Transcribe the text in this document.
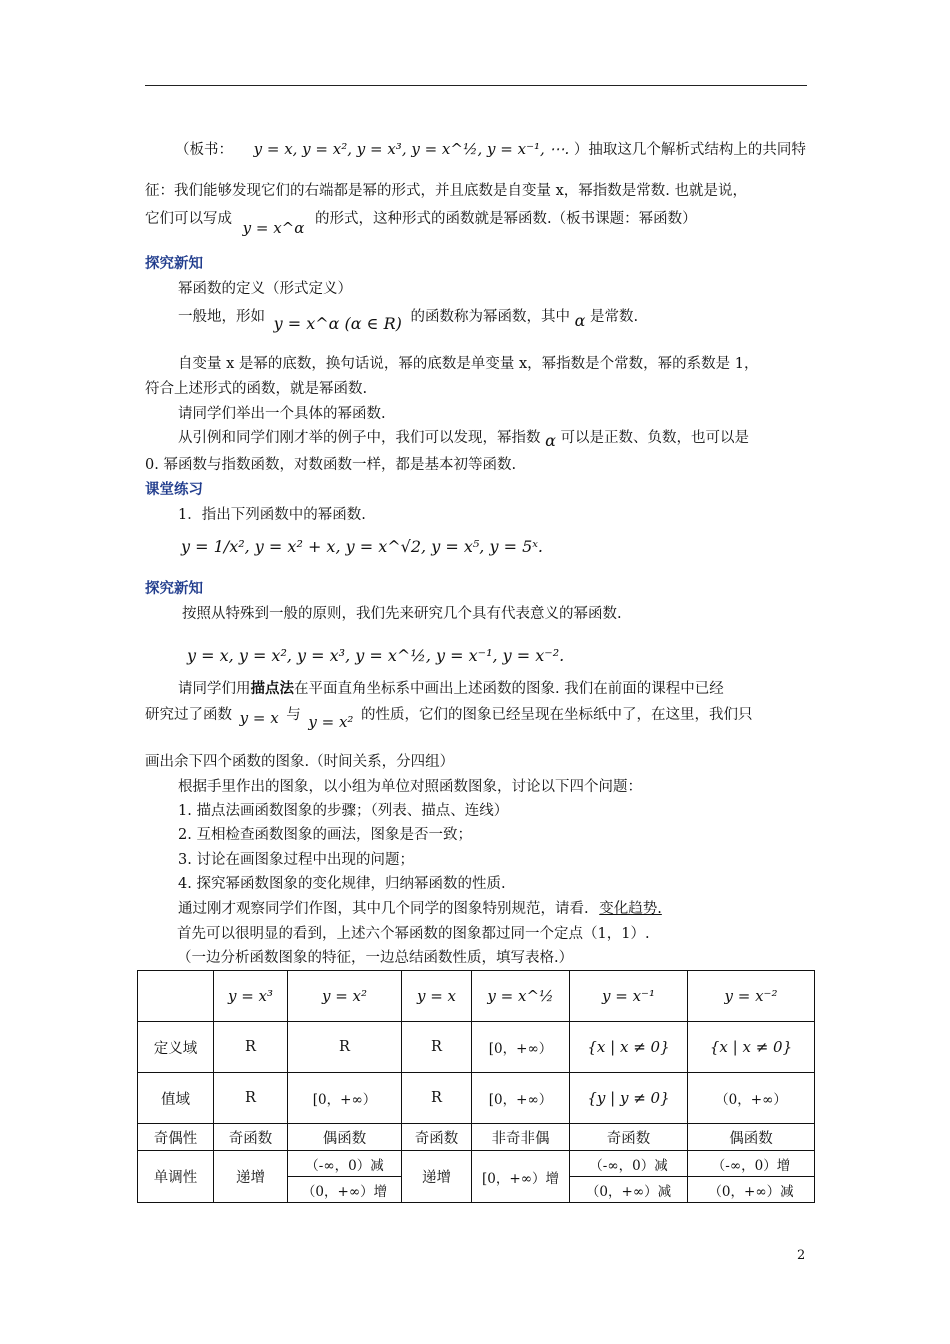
（板书： y = x, y = x², y = x³, y = x^½, y = x⁻¹, ⋯. ）抽取这几个解析式结构上的共同特
征：我们能够发现它们的右端都是幂的形式，并且底数是自变量 x，幂指数是常数. 也就是说，
它们可以写成 y = x^α 的形式，这种形式的函数就是幂函数.（板书课题：幂函数）
探究新知
幂函数的定义（形式定义）
一般地，形如 y = x^α (α ∈ R) 的函数称为幂函数，其中 α 是常数.
自变量 x 是幂的底数，换句话说，幂的底数是单变量 x，幂指数是个常数，幂的系数是 1，
符合上述形式的函数，就是幂函数.
请同学们举出一个具体的幂函数.
从引例和同学们刚才举的例子中，我们可以发现，幂指数 α 可以是正数、负数，也可以是
0. 幂函数与指数函数，对数函数一样，都是基本初等函数.
课堂练习
1．指出下列函数中的幂函数.
y = 1/x², y = x² + x, y = x^√2, y = x⁵, y = 5ˣ.
探究新知
按照从特殊到一般的原则，我们先来研究几个具有代表意义的幂函数.
y = x, y = x², y = x³, y = x^½, y = x⁻¹, y = x⁻².
请同学们用描点法在平面直角坐标系中画出上述函数的图象. 我们在前面的课程中已经
研究过了函数 y = x 与 y = x² 的性质，它们的图象已经呈现在坐标纸中了，在这里，我们只
画出余下四个函数的图象.（时间关系，分四组）
根据手里作出的图象，以小组为单位对照函数图象，讨论以下四个问题：
1. 描点法画函数图象的步骤；（列表、描点、连线）
2. 互相检查函数图象的画法，图象是否一致；
3. 讨论在画图象过程中出现的问题；
4. 探究幂函数图象的变化规律，归纳幂函数的性质.
通过刚才观察同学们作图，其中几个同学的图象特别规范，请看. 变化趋势.
首先可以很明显的看到，上述六个幂函数的图象都过同一个定点（1，1）.
（一边分析函数图象的特征，一边总结函数性质，填写表格.）
	y = x³	y = x²	y = x	y = x^½	y = x⁻¹	y = x⁻²
定义域	R	R	R	[0，+∞）	{x | x ≠ 0}	{x | x ≠ 0}
值域	R	[0，+∞）	R	[0，+∞）	{y | y ≠ 0}	（0，+∞）
奇偶性	奇函数	偶函数	奇函数	非奇非偶	奇函数	偶函数
单调性	递增	（-∞，0）减	递增	[0，+∞）增	（-∞，0）减	（-∞，0）增
		（0，+∞）增			（0，+∞）减	（0，+∞）减
2
